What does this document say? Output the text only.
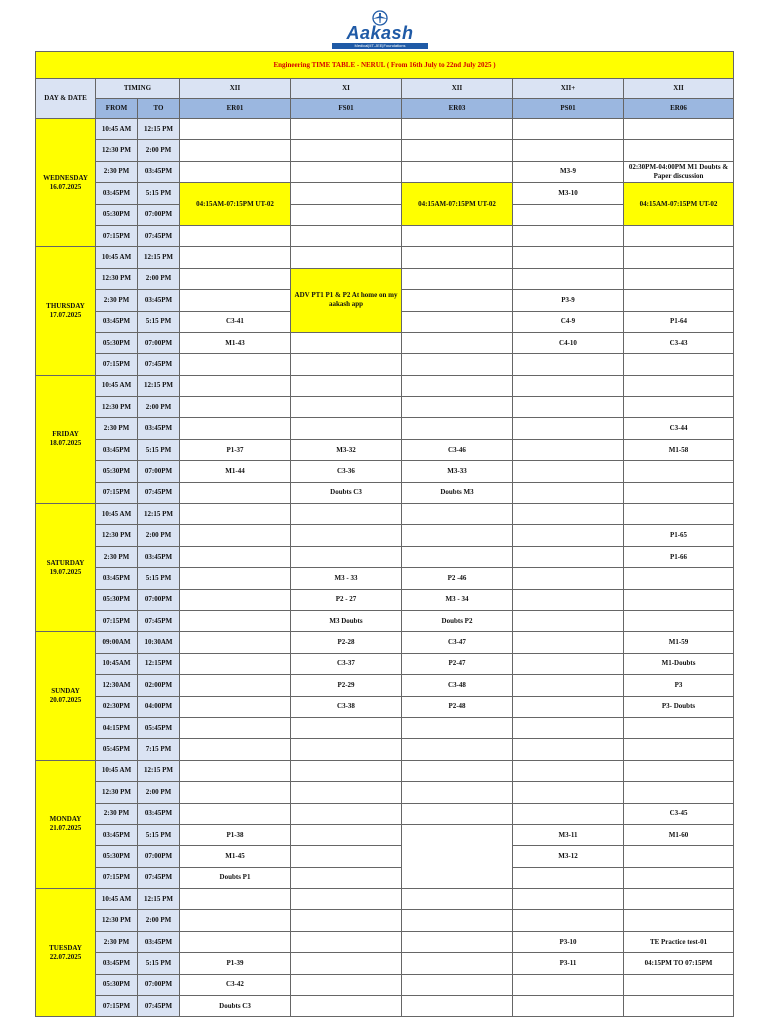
Aakash
Medical|IIT-JEE|Foundations
Engineering TIME TABLE - NERUL ( From 16th July to 22nd July 2025 )							
DAY & DATE	TIMING		XII	XI	XII	XII+	XII
	FROM	TO	ER01	FS01	ER03	PS01	ER06
WEDNESDAY
16.07.2025	10:45 AM	12:15 PM					
	12:30 PM	2:00 PM					
	2:30 PM	03:45PM				M3-9	02:30PM-04:00PM M1 Doubts & Paper discussion
	03:45PM	5:15 PM	04:15AM-07:15PM UT-02		04:15AM-07:15PM UT-02	M3-10	04:15AM-07:15PM UT-02
	05:30PM	07:00PM					
	07:15PM	07:45PM					
THURSDAY
17.07.2025	10:45 AM	12:15 PM					
	12:30 PM	2:00 PM		ADV PT1 P1 & P2 At home on my aakash app			
	2:30 PM	03:45PM				P3-9	
	03:45PM	5:15 PM	C3-41			C4-9	P1-64
	05:30PM	07:00PM	M1-43			C4-10	C3-43
	07:15PM	07:45PM					
FRIDAY
18.07.2025	10:45 AM	12:15 PM					
	12:30 PM	2:00 PM					
	2:30 PM	03:45PM					C3-44
	03:45PM	5:15 PM	P1-37	M3-32	C3-46		M1-58
	05:30PM	07:00PM	M1-44	C3-36	M3-33		
	07:15PM	07:45PM		Doubts C3	Doubts M3		
SATURDAY
19.07.2025	10:45 AM	12:15 PM					
	12:30 PM	2:00 PM					P1-65
	2:30 PM	03:45PM					P1-66
	03:45PM	5:15 PM		M3 - 33	P2 -46		
	05:30PM	07:00PM		P2 - 27	M3 - 34		
	07:15PM	07:45PM		M3 Doubts	Doubts P2		
SUNDAY
20.07.2025	09:00AM	10:30AM		P2-28	C3-47		M1-59
	10:45AM	12:15PM		C3-37	P2-47		M1-Doubts
	12:30AM	02:00PM		P2-29	C3-48		P3
	02:30PM	04:00PM		C3-38	P2-48		P3- Doubts
	04:15PM	05:45PM					
	05:45PM	7:15 PM					
MONDAY
21.07.2025	10:45 AM	12:15 PM					
	12:30 PM	2:00 PM					
	2:30 PM	03:45PM					C3-45
	03:45PM	5:15 PM	P1-38			M3-11	M1-60
	05:30PM	07:00PM	M1-45			M3-12	
	07:15PM	07:45PM	Doubts P1				
TUESDAY
22.07.2025	10:45 AM	12:15 PM					
	12:30 PM	2:00 PM					
	2:30 PM	03:45PM				P3-10	TE Practice test-01
	03:45PM	5:15 PM	P1-39			P3-11	04:15PM TO 07:15PM
	05:30PM	07:00PM	C3-42				
	07:15PM	07:45PM	Doubts C3				
